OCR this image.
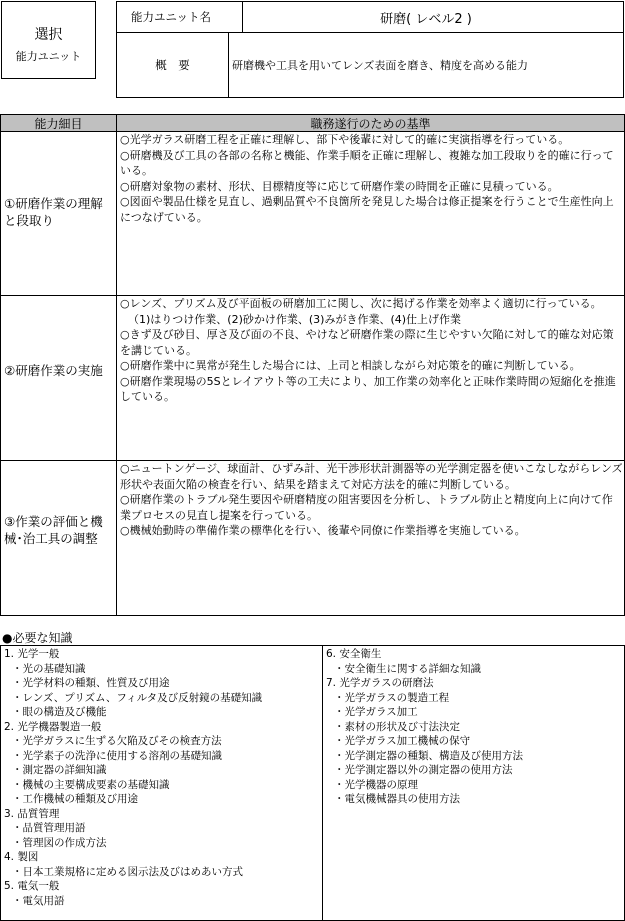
選択
能力ユニット
能力ユニット名	研磨( レベル2 )
概　要	研磨機や工具を用いてレンズ表面を磨き、精度を高める能力
能力細目	職務遂行のための基準
①研磨作業の理解と段取り

○光学ガラス研磨工程を正確に理解し、部下や後輩に対して的確に実演指導を行っている。

○研磨機及び工具の各部の名称と機能、作業手順を正確に理解し、複雑な加工段取りを的確に行っている。

○研磨対象物の素材、形状、目標精度等に応じて研磨作業の時間を正確に見積っている。

○図面や製品仕様を見直し、過剰品質や不良箇所を発見した場合は修正提案を行うことで生産性向上につなげている。

②研磨作業の実施

○レンズ、プリズム及び平面板の研磨加工に関し、次に掲げる作業を効率よく適切に行っている。

（1)はりつけ作業、(2)砂かけ作業、(3)みがき作業、(4)仕上げ作業

○きず及び砂目、厚さ及び面の不良、やけなど研磨作業の際に生じやすい欠陥に対して的確な対応策を講じている。

○研磨作業中に異常が発生した場合には、上司と相談しながら対応策を的確に判断している。

○研磨作業現場の5Sとレイアウト等の工夫により、加工作業の効率化と正味作業時間の短縮化を推進している。

③作業の評価と機械･治工具の調整

○ニュートンゲージ、球面計、ひずみ計、光干渉形状計測器等の光学測定器を使いこなしながらレンズ形状や表面欠陥の検査を行い、結果を踏まえて対応方法を的確に判断している。

○研磨作業のトラブル発生要因や研磨精度の阻害要因を分析し、トラブル防止と精度向上に向けて作業プロセスの見直し提案を行っている。

○機械始動時の準備作業の標準化を行い、後輩や同僚に作業指導を実施している。

●必要な知識
1. 光学一般
・光の基礎知識
・光学材料の種類、性質及び用途
・レンズ、プリズム、フィルタ及び反射鏡の基礎知識
・眼の構造及び機能
2. 光学機器製造一般
・光学ガラスに生ずる欠陥及びその検査方法
・光学素子の洗浄に使用する溶剤の基礎知識
・測定器の詳細知識
・機械の主要構成要素の基礎知識
・工作機械の種類及び用途
3. 品質管理
・品質管理用語
・管理図の作成方法
4. 製図
・日本工業規格に定める図示法及びはめあい方式
5. 電気一般
・電気用語
6. 安全衛生
・安全衛生に関する詳細な知識
7. 光学ガラスの研磨法
・光学ガラスの製造工程
・光学ガラス加工
・素材の形状及び寸法決定
・光学ガラス加工機械の保守
・光学測定器の種類、構造及び使用方法
・光学測定器以外の測定器の使用方法
・光学機器の原理
・電気機械器具の使用方法
